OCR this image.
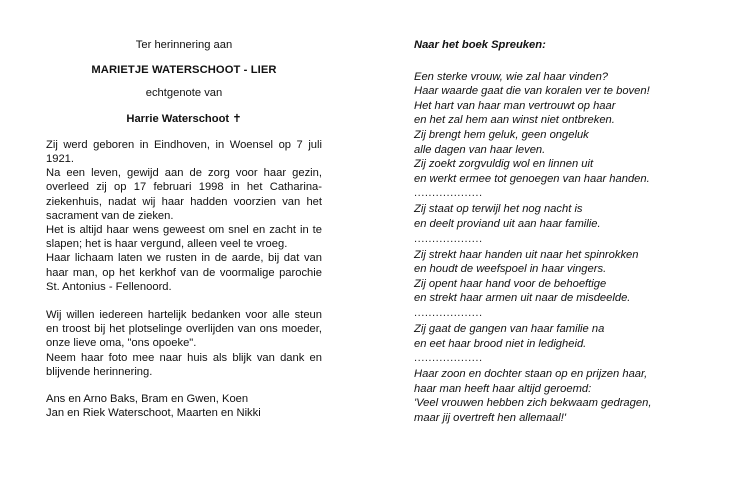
Ter herinnering aan
MARIETJE WATERSCHOOT - LIER
echtgenote van
Harrie Waterschoot ✝

Zij werd geboren in Eindhoven, in Woensel op 7 juli 1921.

Na een leven, gewijd aan de zorg voor haar gezin, overleed zij op 17 februari 1998 in het Catharina-ziekenhuis, nadat wij haar hadden voorzien van het sacrament van de zieken.

Het is altijd haar wens geweest om snel en zacht in te slapen; het is haar vergund, alleen veel te vroeg.

Haar lichaam laten we rusten in de aarde, bij dat van haar man, op het kerkhof van de voormalige parochie St. Antonius - Fellenoord.

Wij willen iedereen hartelijk bedanken voor alle steun en troost bij het plotselinge overlijden van ons moeder, onze lieve oma, "ons opoeke".

Neem haar foto mee naar huis als blijk van dank en blijvende herinnering.

Ans en Arno Baks, Bram en Gwen, Koen
Jan en Riek Waterschoot, Maarten en Nikki
Naar het boek Spreuken:
Een sterke vrouw, wie zal haar vinden?
Haar waarde gaat die van koralen ver te boven!
Het hart van haar man vertrouwt op haar
en het zal hem aan winst niet ontbreken.
Zij brengt hem geluk, geen ongeluk
alle dagen van haar leven.
Zij zoekt zorgvuldig wol en linnen uit
en werkt ermee tot genoegen van haar handen.
...................
Zij staat op terwijl het nog nacht is
en deelt proviand uit aan haar familie.
...................
Zij strekt haar handen uit naar het spinrokken
en houdt de weefspoel in haar vingers.
Zij opent haar hand voor de behoeftige
en strekt haar armen uit naar de misdeelde.
...................
Zij gaat de gangen van haar familie na
en eet haar brood niet in ledigheid.
...................
Haar zoon en dochter staan op en prijzen haar,
haar man heeft haar altijd geroemd:
'Veel vrouwen hebben zich bekwaam gedragen,
maar jij overtreft hen allemaal!'
